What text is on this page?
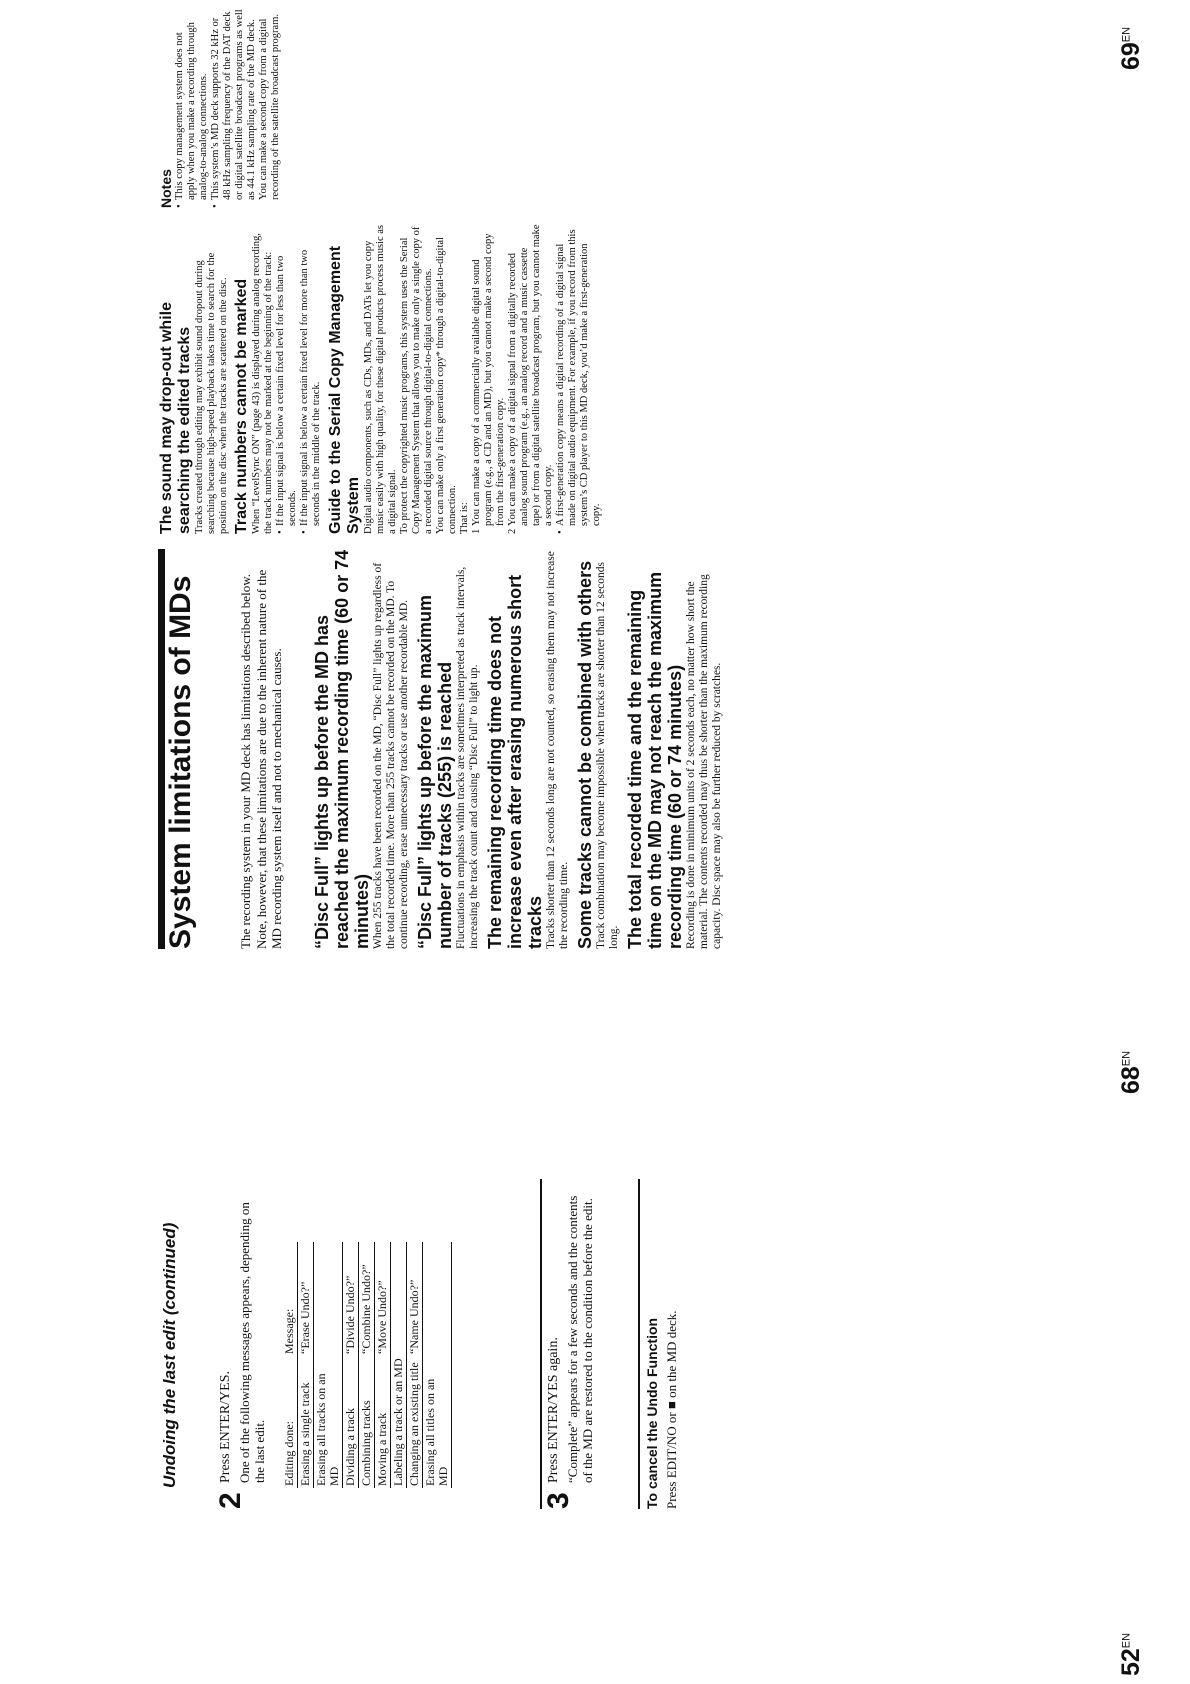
$52^{EN}$

$68^{EN}$

$69^{EN}$

Undoing the last edit (continued)

2

Press ENTER/YES. One of the following messages appears, depending on the last edit. Editing done:	Message:
Erasing a single track	“Erase Undo?”
Erasing all tracks on an MD	
Dividing a track	“Divide Undo?”
Combining tracks	“Combine Undo?”
Moving a track	“Move Undo?”
Labeling a track or an MD	
Changing an existing title	“Name Undo?”
Erasing all titles on an MD	

3

Press ENTER/YES again. “Complete” appears for a few seconds and the contents of the MD are restored to the condition before the edit.	To cancel the Undo Function Press EDIT/NO or ■ on the MD deck.

System limitations of MDs	The recording system in your MD deck has limitations described below. Note, however, that these limitations are due to the inherent nature of the MD recording system itself and not to mechanical causes. “Disc Full” lights up before the MD has reached the maximum recording time (60 or 74 minutes) When 255 tracks have been recorded on the MD, “Disc Full” lights up regardless of the total recorded time. More than 255 tracks cannot be recorded on the MD. To continue recording, erase unnecessary tracks or use another recordable MD. “Disc Full” lights up before the maximum number of tracks (255) is reached Fluctuations in emphasis within tracks are sometimes interpreted as track intervals, increasing the track count and causing “Disc Full” to light up. The remaining recording time does not increase even after erasing numerous short tracks Tracks shorter than 12 seconds long are not counted, so erasing them may not increase the recording time. Some tracks cannot be combined with others Track combination may become impossible when tracks are shorter than 12 seconds long. The total recorded time and the remaining time on the MD may not reach the maximum recording time (60 or 74 minutes) Recording is done in minimum units of 2 seconds each, no matter how short the material. The contents recorded may thus be shorter than the maximum recording capacity. Disc space may also be further reduced by scratches.

The sound may drop-out while searching the edited tracks Tracks created through editing may exhibit sound dropout during searching because high-speed playback takes time to search for the position on the disc when the tracks are scattered on the disc. Track numbers cannot be marked When “LevelSync ON” (page 43) is displayed during analog recording, the track numbers may not be marked at the beginning of the track: • If the input signal is below a certain fixed level for less than two seconds. • If the input signal is below a certain fixed level for more than two seconds in the middle of the track. Guide to the Serial Copy Management System Digital audio components, such as CDs, MDs, and DATs let you copy music easily with high quality, for these digital products process music as a digital signal. To protect the copyrighted music programs, this system uses the Serial Copy Management System that allows you to make only a single copy of a recorded digital source through digital-to-digital connections. You can make only a first generation copy* through a digital-to-digital connection. That is: 1
You can make a copy of a commercially available digital sound program (e.g., a CD and an MD), but you cannot make a second copy from the first-generation copy.
2
You can make a copy of a digital signal from a digitally recorded analog sound program (e.g., an analog record and a music cassette tape) or from a digital satellite broadcast program, but you cannot make a second copy. • A first-generation copy means a digital recording of a digital signal made on digital audio equipment. For example, if you record from this system’s CD player to this MD deck, you’d make a first-generation copy.
Notes • This copy management system does not apply when you make a recording through analog-to-analog connections. • This system’s MD deck supports 32 kHz or 48 kHz sampling frequency of the DAT deck or digital satellite broadcast programs as well as 44.1 kHz sampling rate of the MD deck. You can make a second copy from a digital recording of the satellite broadcast program.
